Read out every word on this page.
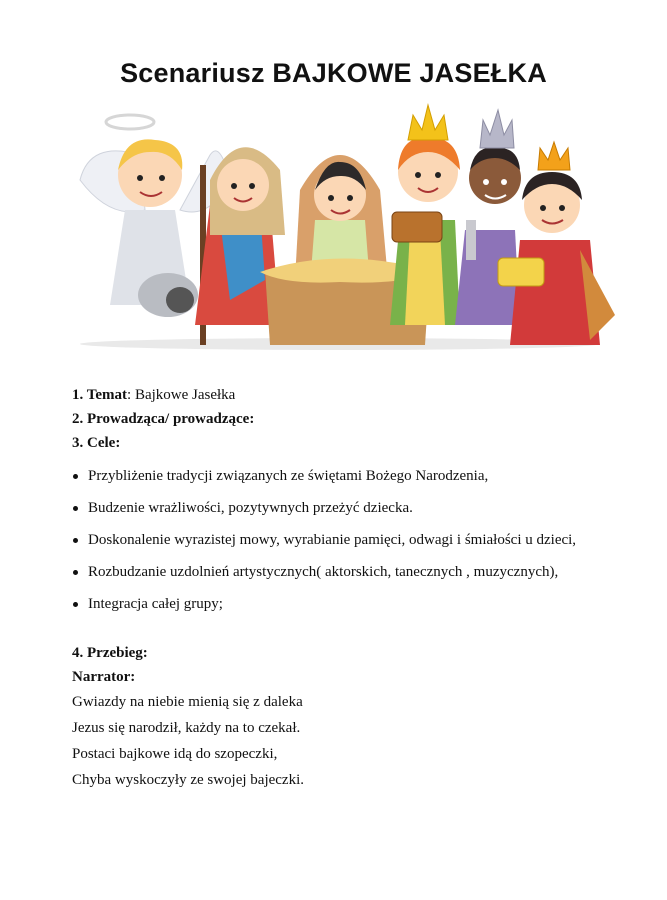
Scenariusz BAJKOWE JASEŁKA
1. Temat: Bajkowe Jasełka
2. Prowadząca/ prowadzące:
3. Cele:
Przybliżenie tradycji związanych ze świętami Bożego Narodzenia,
Budzenie wrażliwości, pozytywnych przeżyć dziecka.
Doskonalenie wyrazistej mowy, wyrabianie pamięci, odwagi i śmiałości u dzieci,
Rozbudzanie uzdolnień artystycznych( aktorskich, tanecznych , muzycznych),
Integracja całej grupy;
4. Przebieg:
Narrator:
Gwiazdy na niebie mienią się z daleka
Jezus się narodził, każdy na to czekał.
Postaci bajkowe idą do szopeczki,
Chyba wyskoczyły ze swojej bajeczki.
